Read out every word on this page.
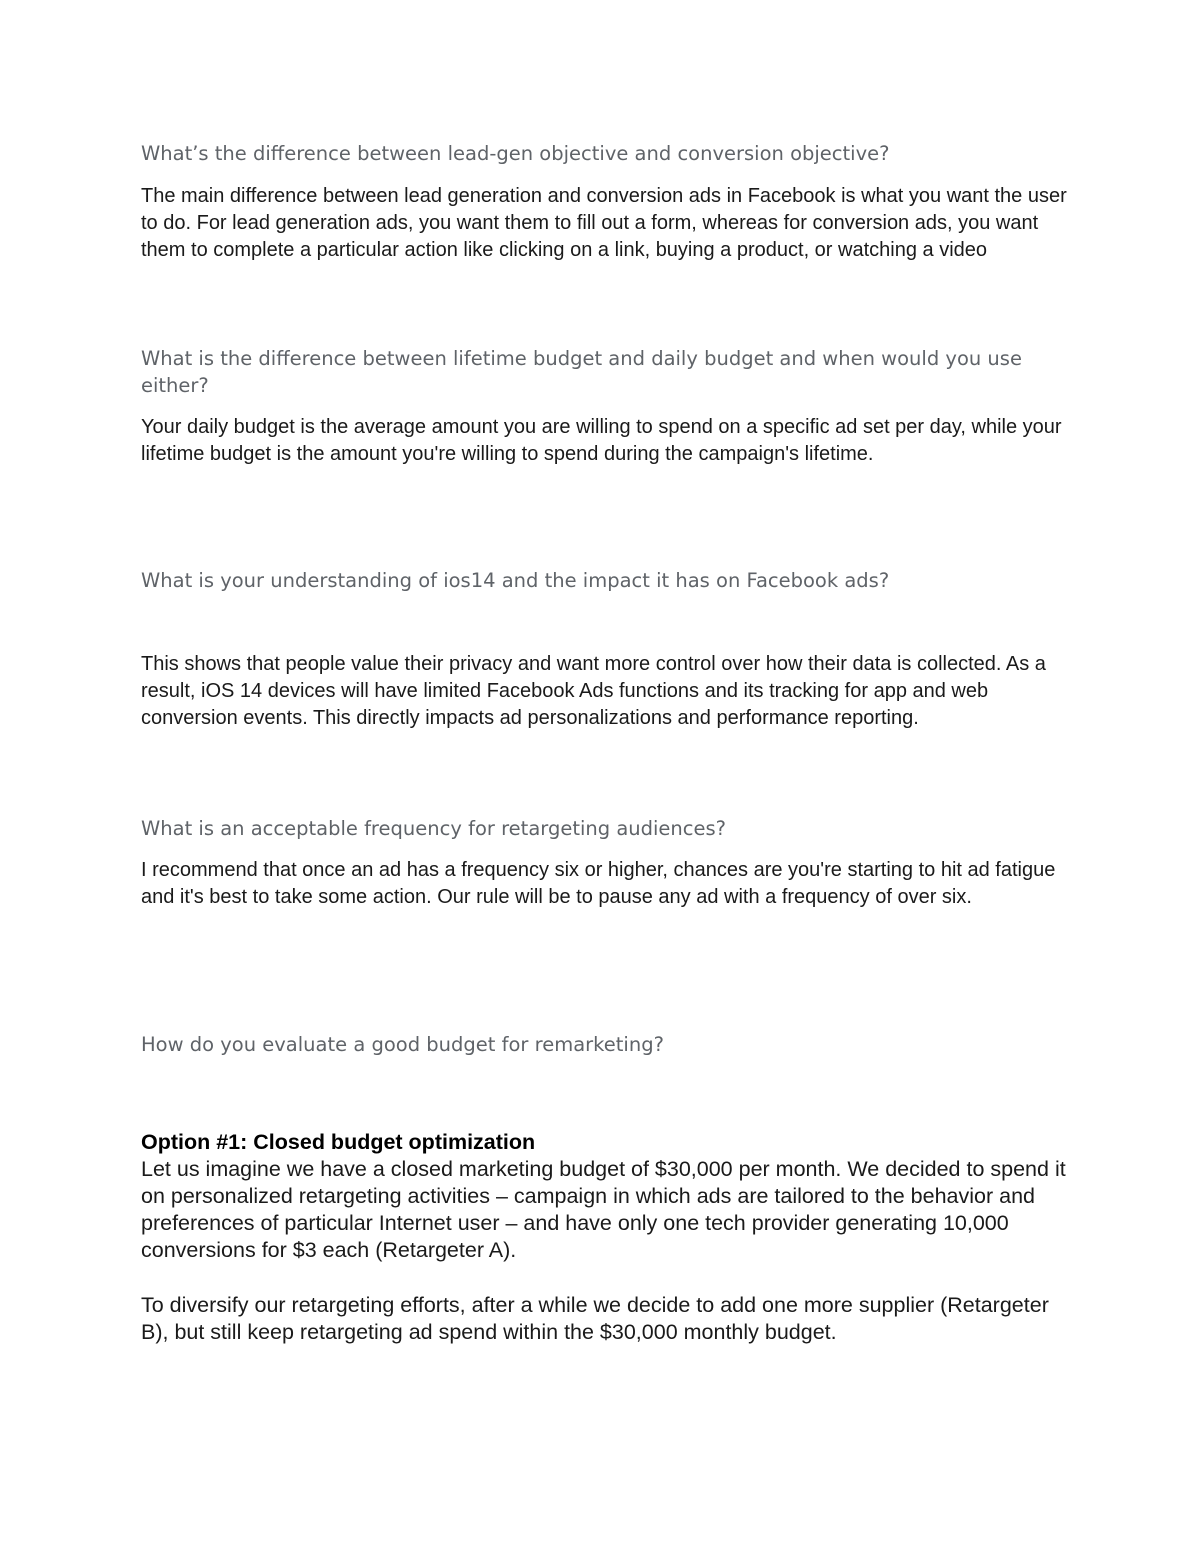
What’s the difference between lead-gen objective and conversion objective?

The main difference between lead generation and conversion ads in Facebook is what you want the user to do. For lead generation ads, you want them to fill out a form, whereas for conversion ads, you want them to complete a particular action like clicking on a link, buying a product, or watching a video

What is the difference between lifetime budget and daily budget and when would you use either?

Your daily budget is the average amount you are willing to spend on a specific ad set per day, while your lifetime budget is the amount you're willing to spend during the campaign's lifetime.

What is your understanding of ios14 and the impact it has on Facebook ads?

This shows that people value their privacy and want more control over how their data is collected. As a result, iOS 14 devices will have limited Facebook Ads functions and its tracking for app and web conversion events. This directly impacts ad personalizations and performance reporting.

What is an acceptable frequency for retargeting audiences?

I recommend that once an ad has a frequency six or higher, chances are you're starting to hit ad fatigue and it's best to take some action. Our rule will be to pause any ad with a frequency of over six.

How do you evaluate a good budget for remarketing?

Option #1: Closed budget optimization

Let us imagine we have a closed marketing budget of $30,000 per month. We decided to spend it on personalized retargeting activities – campaign in which ads are tailored to the behavior and preferences of particular Internet user – and have only one tech provider generating 10,000 conversions for $3 each (Retargeter A).

To diversify our retargeting efforts, after a while we decide to add one more supplier (Retargeter B), but still keep retargeting ad spend within the $30,000 monthly budget.
